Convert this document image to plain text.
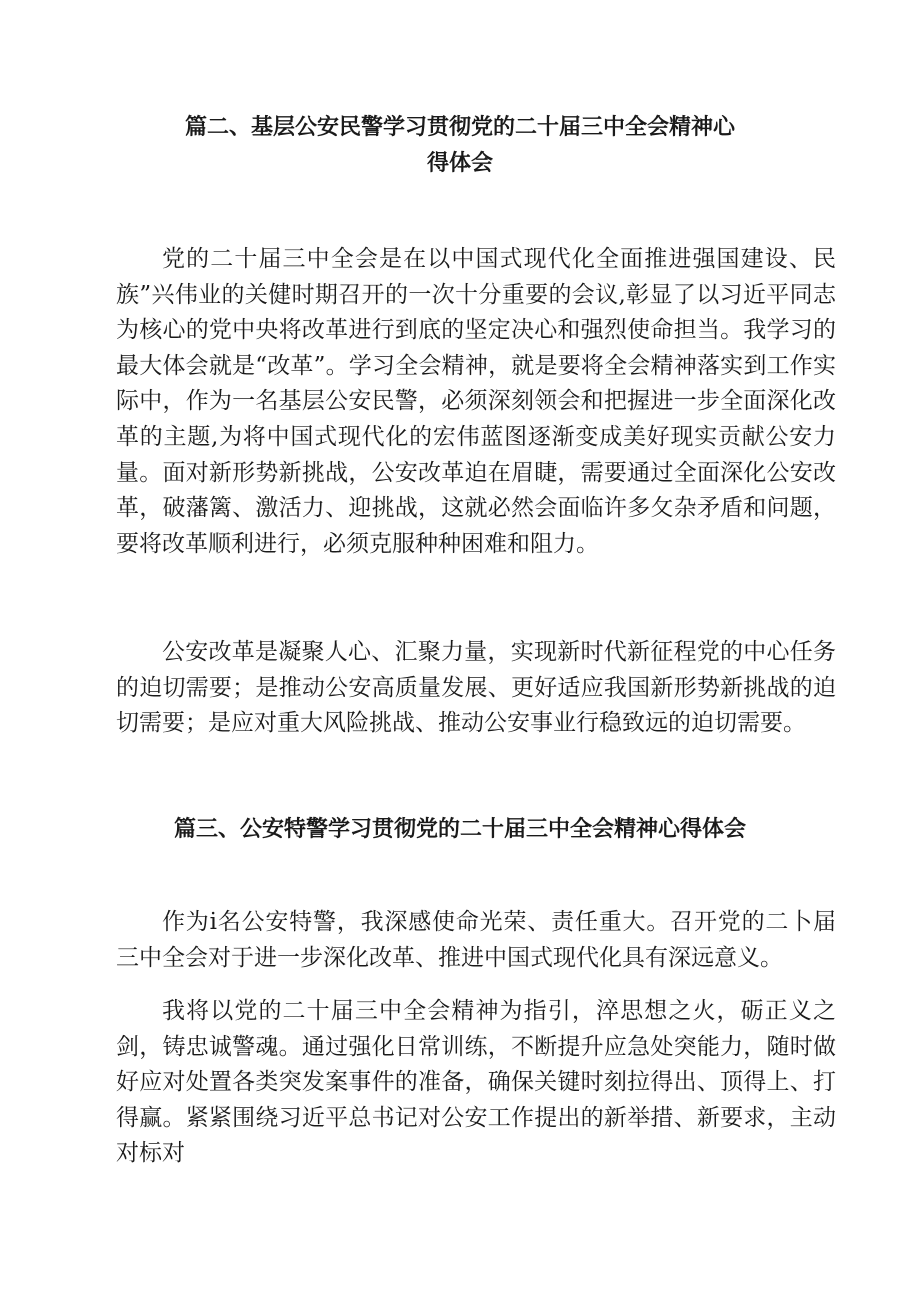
篇二、基层公安民警学习贯彻党的二十届三中全会精神心
得体会

党的二十届三中全会是在以中国式现代化全面推进强国建设、民族”兴伟业的关健时期召开的一次十分重要的会议,彰显了以习近平同志为核心的党中央将改革进行到底的坚定决心和强烈使命担当。我学习的最大体会就是“改革”。学习全会精神，就是要将全会精神落实到工作实际中，作为一名基层公安民警，必须深刻领会和把握进一步全面深化改革的主题,为将中国式现代化的宏伟蓝图逐渐变成美好现实贡献公安力量。面对新形势新挑战，公安改革迫在眉睫，需要通过全面深化公安改革，破藩篱、激活力、迎挑战，这就必然会面临许多攵杂矛盾和问题，要将改革顺利进行，必须克服种种困难和阻力。

公安改革是凝聚人心、汇聚力量，实现新时代新征程党的中心任务的迫切需要；是推动公安高质量发展、更好适应我国新形势新挑战的迫切需要；是应对重大风险挑战、推动公安事业行稳致远的迫切需要。

篇三、公安特警学习贯彻党的二十届三中全会精神心得体会

作为i名公安特警，我深感使命光荣、责任重大。召开党的二卜届三中全会对于进一步深化改革、推进中国式现代化具有深远意义。

我将以党的二十届三中全会精神为指引，淬思想之火，砺正义之剑，铸忠诚警魂。通过强化日常训练，不断提升应急处突能力，随时做好应对处置各类突发案事件的准备，确保关键时刻拉得出、顶得上、打得赢。紧紧围绕习近平总书记对公安工作提出的新举措、新要求，主动对标对
